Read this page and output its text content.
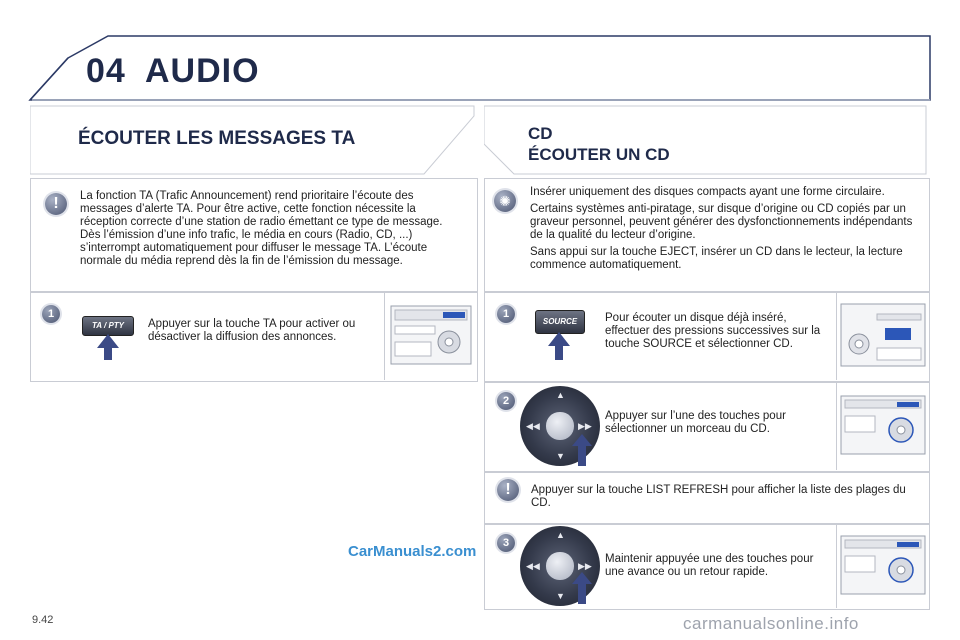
04 AUDIO
ÉCOUTER LES MESSAGES TA
!	La fonction TA (Trafic Announcement) rend prioritaire l’écoute des messages d’alerte TA. Pour être active, cette fonction nécessite la réception correcte d’une station de radio émettant ce type de message. Dès l’émission d’une info trafic, le média en cours (Radio, CD, ...) s’interrompt automatiquement pour diffuser le message TA. L’écoute normale du média reprend dès la fin de l’émission du message.
1
TA / PTY	Appuyer sur la touche TA pour activer ou désactiver la diffusion des annonces.
CD
ÉCOUTER UN CD
✺

Insérer uniquement des disques compacts ayant une forme circulaire.

Certains systèmes anti-piratage, sur disque d’origine ou CD copiés par un graveur personnel, peuvent générer des dysfonctionnements indépendants de la qualité du lecteur d’origine.

Sans appui sur la touche EJECT, insérer un CD dans le lecteur, la lecture commence automatiquement.

1
SOURCE	Pour écouter un disque déjà inséré, effectuer des pressions successives sur la touche SOURCE et sélectionner CD.
2	▲
▼
◀◀	▶▶
Appuyer sur l’une des touches pour sélectionner un morceau du CD.
!	Appuyer sur la touche LIST REFRESH pour afficher la liste des plages du CD.
3
▲
▼
◀◀	▶▶
Maintenir appuyée une des touches pour une avance ou un retour rapide.
9.42
CarManuals2.com
carmanualsonline.info
